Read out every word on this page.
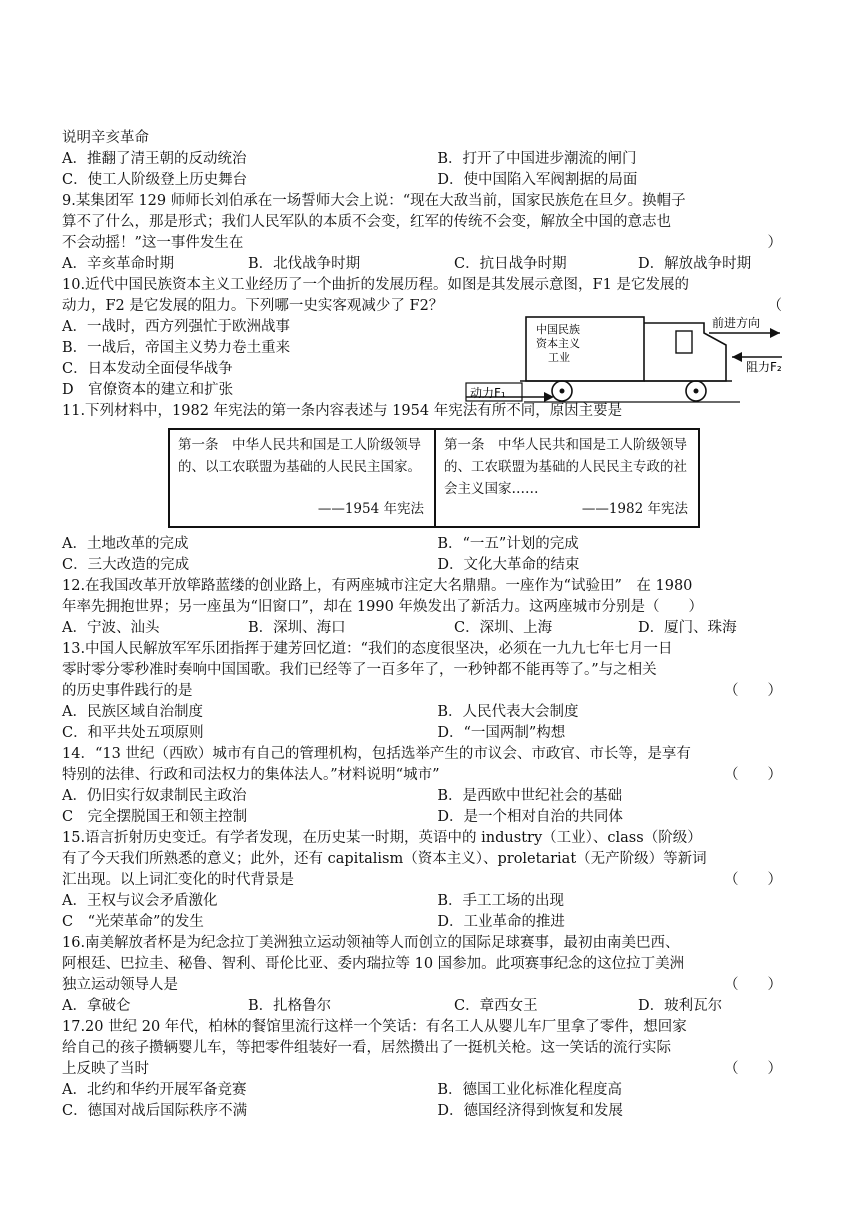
说明辛亥革命
A．推翻了清王朝的反动统治	B．打开了中国进步潮流的闸门
C．使工人阶级登上历史舞台	D．使中国陷入军阀割据的局面
9.某集团军 129 师师长刘伯承在一场誓师大会上说：“现在大敌当前，国家民族危在旦夕。换帽子
算不了什么，那是形式；我们人民军队的本质不会变，红军的传统不会变，解放全中国的意志也
不会动摇！”这一事件发生在	）
A．辛亥革命时期	B．北伐战争时期	C．抗日战争时期	D．解放战争时期
10.近代中国民族资本主义工业经历了一个曲折的发展历程。如图是其发展示意图，F1 是它发展的
动力，F2 是它发展的阻力。下列哪一史实客观减少了 F2？	（
A．一战时，西方列强忙于欧洲战事
B．一战后，帝国主义势力卷土重来
C．日本发动全面侵华战争
D　官僚资本的建立和扩张
中国民族
资本主义
工业
前进方向
阻力F₂
动力F₁
11.下列材料中，1982 年宪法的第一条内容表述与 1954 年宪法有所不同，原因主要是
第一条　中华人民共和国是工人阶级领导的、以工农联盟为基础的人民民主国家。
——1954 年宪法
第一条　中华人民共和国是工人阶级领导的、工农联盟为基础的人民民主专政的社会主义国家……
——1982 年宪法
A．土地改革的完成	B．“一五”计划的完成
C．三大改造的完成	D．文化大革命的结束
12.在我国改革开放筚路蓝缕的创业路上，有两座城市注定大名鼎鼎。一座作为“试验田”　在 1980
年率先拥抱世界；另一座虽为“旧窗口”，却在 1990 年焕发出了新活力。这两座城市分别是（　　）
A．宁波、汕头	B．深圳、海口	C．深圳、上海	D．厦门、珠海
13.中国人民解放军军乐团指挥于建芳回忆道：“我们的态度很坚决，必须在一九九七年七月一日
零时零分零秒准时奏响中国国歌。我们已经等了一百多年了，一秒钟都不能再等了。”与之相关
的历史事件践行的是	（　　）
A．民族区域自治制度	B．人民代表大会制度
C．和平共处五项原则	D．“一国两制”构想
14．“13 世纪（西欧）城市有自己的管理机构，包括选举产生的市议会、市政官、市长等，是享有
特别的法律、行政和司法权力的集体法人。”材料说明“城市”	（　　）
A．仍旧实行奴隶制民主政治	B．是西欧中世纪社会的基础
C　完全摆脱国王和领主控制	D．是一个相对自治的共同体
15.语言折射历史变迁。有学者发现，在历史某一时期，英语中的 industry（工业）、class（阶级）
有了今天我们所熟悉的意义；此外，还有 capitalism（资本主义）、proletariat（无产阶级）等新词
汇出现。以上词汇变化的时代背景是	（　　）
A．王权与议会矛盾激化	B．手工工场的出现
C　“光荣革命”的发生	D．工业革命的推进
16.南美解放者杯是为纪念拉丁美洲独立运动领袖等人而创立的国际足球赛事，最初由南美巴西、
阿根廷、巴拉圭、秘鲁、智利、哥伦比亚、委内瑞拉等 10 国参加。此项赛事纪念的这位拉丁美洲
独立运动领导人是	（　　）
A．拿破仑	B．扎格鲁尔	C．章西女王	D．玻利瓦尔
17.20 世纪 20 年代，柏林的餐馆里流行这样一个笑话：有名工人从婴儿车厂里拿了零件，想回家
给自己的孩子攒辆婴儿车，等把零件组装好一看，居然攒出了一挺机关枪。这一笑话的流行实际
上反映了当时	（　　）
A．北约和华约开展军备竞赛	B．德国工业化标准化程度高
C．德国对战后国际秩序不满	D．德国经济得到恢复和发展
